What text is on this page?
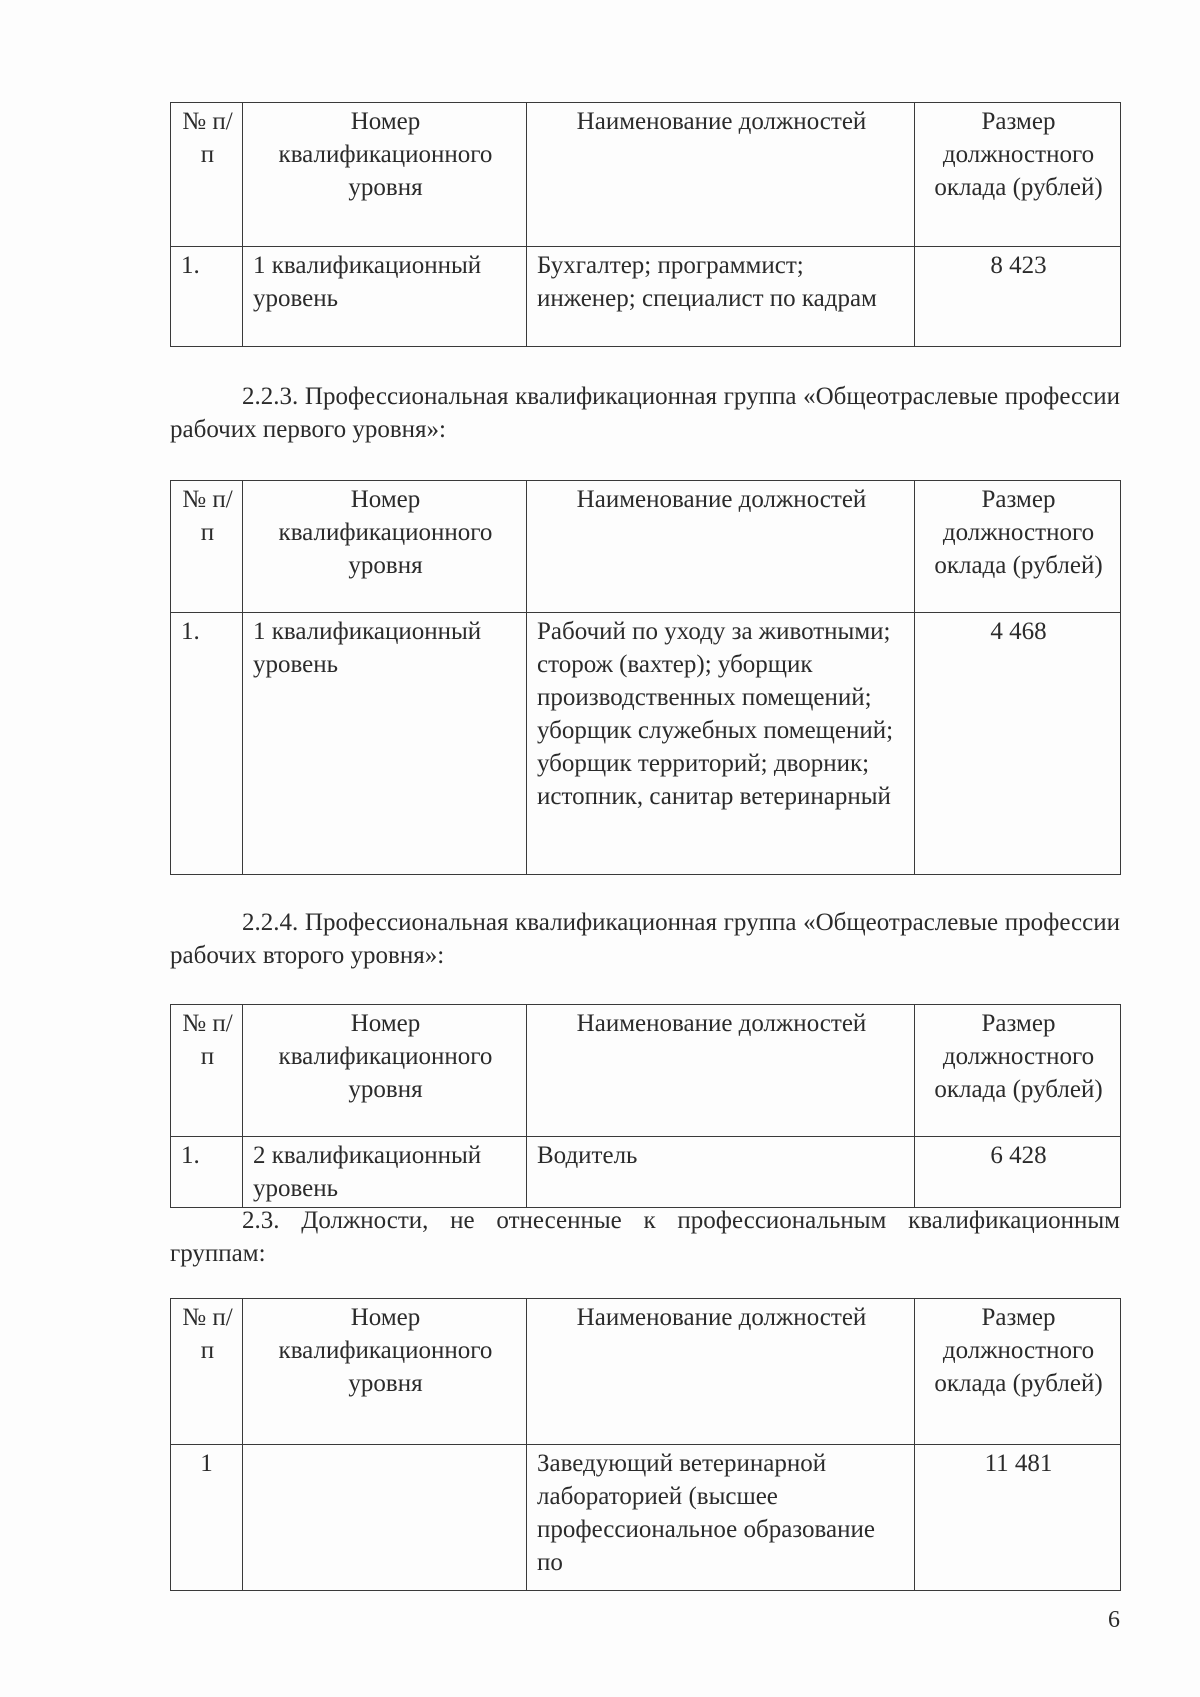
№ п/п	Номер квалификационного уровня	Наименование должностей	Размер должностного оклада (рублей)
1.	1 квалификационный уровень	Бухгалтер; программист; инженер; специалист по кадрам	8 423

2.2.3. Профессиональная квалификационная группа «Общеотраслевые профессии рабочих первого уровня»:

№ п/п	Номер квалификационного уровня	Наименование должностей	Размер должностного оклада (рублей)
1.	1 квалификационный уровень	Рабочий по уходу за животными; сторож (вахтер); уборщик производственных помещений; уборщик служебных помещений; уборщик территорий; дворник; истопник, санитар ветеринарный	4 468

2.2.4. Профессиональная квалификационная группа «Общеотраслевые профессии рабочих второго уровня»:

№ п/п	Номер квалификационного уровня	Наименование должностей	Размер должностного оклада (рублей)
1.	2 квалификационный уровень	Водитель	6 428

2.3. Должности, не отнесенные к профессиональным квалификационным группам:

№ п/п	Номер квалификационного уровня	Наименование должностей	Размер должностного оклада (рублей)
1		Заведующий ветеринарной лабораторией (высшее профессиональное образование по	11 481
6
